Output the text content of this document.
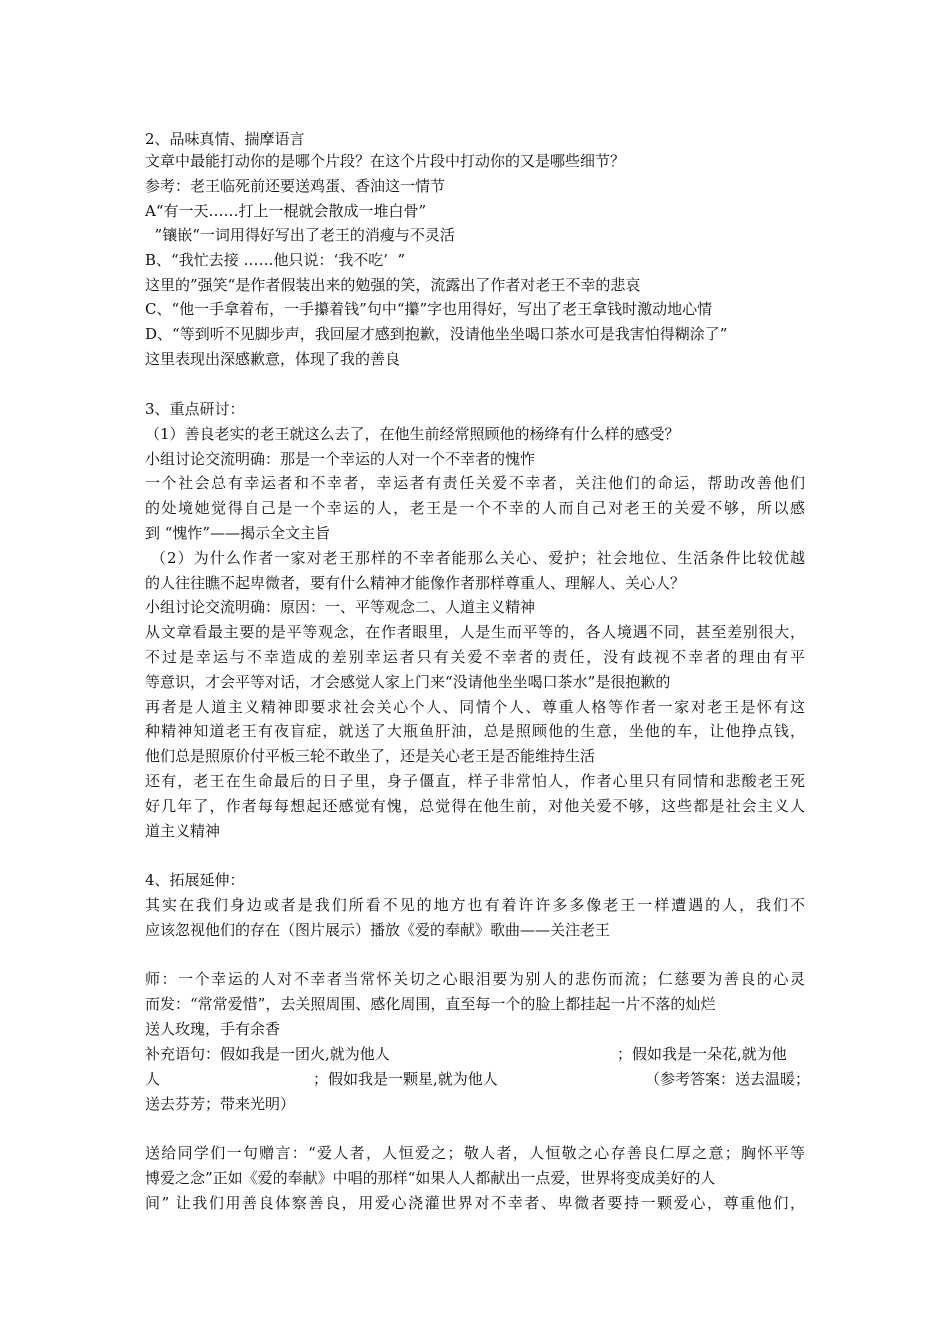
2、品味真情、揣摩语言
文章中最能打动你的是哪个片段？在这个片段中打动你的又是哪些细节？
参考：老王临死前还要送鸡蛋、香油这一情节
A“有一天……打上一棍就会散成一堆白骨”
”镶嵌“一词用得好写出了老王的消瘦与不灵活
B、“我忙去接 ……他只说：‘我不吃’  ”
这里的”强笑“是作者假装出来的勉强的笑，流露出了作者对老王不幸的悲哀
C、“他一手拿着布，一手攥着钱”句中“攥”字也用得好，写出了老王拿钱时激动地心情
D、“等到听不见脚步声，我回屋才感到抱歉，没请他坐坐喝口茶水可是我害怕得糊涂了”
这里表现出深感歉意，体现了我的善良
3、重点研讨：
（1）善良老实的老王就这么去了，在他生前经常照顾他的杨绛有什么样的感受？
小组讨论交流明确：那是一个幸运的人对一个不幸者的愧怍
一个社会总有幸运者和不幸者，幸运者有责任关爱不幸者，关注他们的命运，帮助改善他们
的处境她觉得自己是一个幸运的人，老王是一个不幸的人而自己对老王的关爱不够，所以感
到 “愧怍”——揭示全文主旨
（2）为什么作者一家对老王那样的不幸者能那么关心、爱护；社会地位、生活条件比较优越
的人往往瞧不起卑微者，要有什么精神才能像作者那样尊重人、理解人、关心人？
小组讨论交流明确：原因：一、平等观念二、人道主义精神
从文章看最主要的是平等观念，在作者眼里，人是生而平等的，各人境遇不同，甚至差别很大，
不过是幸运与不幸造成的差别幸运者只有关爱不幸者的责任，没有歧视不幸者的理由有平
等意识，才会平等对话，才会感觉人家上门来“没请他坐坐喝口茶水”是很抱歉的
再者是人道主义精神即要求社会关心个人、同情个人、尊重人格等作者一家对老王是怀有这
种精神知道老王有夜盲症，就送了大瓶鱼肝油，总是照顾他的生意，坐他的车，让他挣点钱，
他们总是照原价付平板三轮不敢坐了，还是关心老王是否能维持生活
还有，老王在生命最后的日子里，身子僵直，样子非常怕人，作者心里只有同情和悲酸老王死
好几年了，作者每每想起还感觉有愧，总觉得在他生前，对他关爱不够，这些都是社会主义人
道主义精神
4、拓展延伸：
其实在我们身边或者是我们所看不见的地方也有着许许多多像老王一样遭遇的人，我们不
应该忽视他们的存在（图片展示）播放《爱的奉献》歌曲——关注老王
师：一个幸运的人对不幸者当常怀关切之心眼泪要为别人的悲伤而流；仁慈要为善良的心灵
而发：“常常爱惜”，去关照周围、感化周围，直至每一个的脸上都挂起一片不落的灿烂
送人玫瑰，手有余香
补充语句：假如我是一团火,就为他人	；假如我是一朵花,就为他
人	；假如我是一颗星,就为他人	（参考答案：送去温暖；
送去芬芳；带来光明）
送给同学们一句赠言：“爱人者，人恒爱之；敬人者，人恒敬之心存善良仁厚之意；胸怀平等
博爱之念”正如《爱的奉献》中唱的那样“如果人人都献出一点爱，世界将变成美好的人
间” 让我们用善良体察善良，用爱心浇灌世界对不幸者、卑微者要持一颗爱心，尊重他们，
